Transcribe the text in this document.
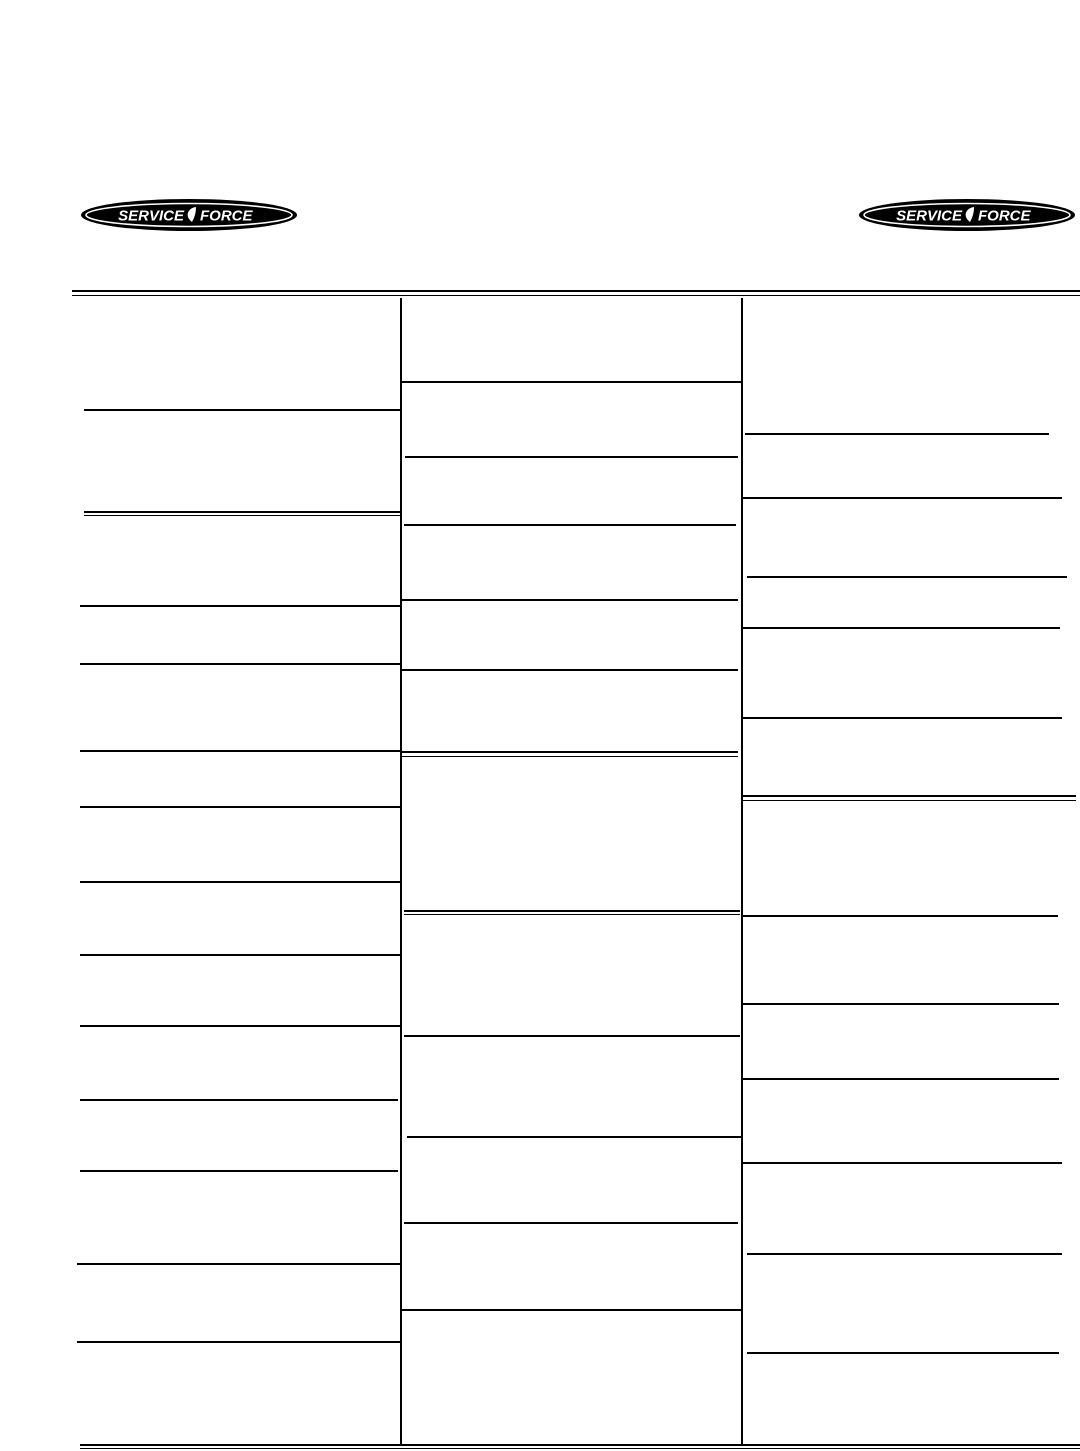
SERVICE FORCE	SERVICE FORCE
